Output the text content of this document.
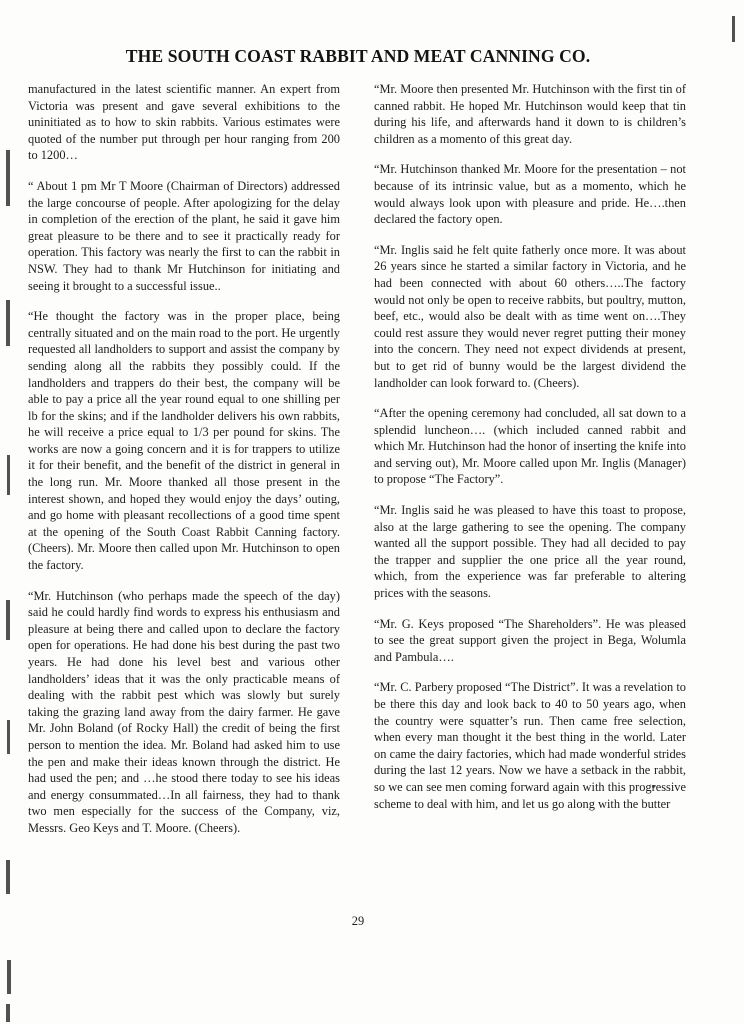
THE SOUTH COAST RABBIT AND MEAT CANNING CO.

manufactured in the latest scientific manner. An expert from Victoria was present and gave several exhibitions to the uninitiated as to how to skin rabbits. Various estimates were quoted of the number put through per hour ranging from 200 to 1200…

“ About 1 pm Mr T Moore (Chairman of Directors) addressed the large concourse of people. After apologizing for the delay in completion of the erection of the plant, he said it gave him great pleasure to be there and to see it practically ready for operation. This factory was nearly the first to can the rabbit in NSW. They had to thank Mr Hutchinson for initiating and seeing it brought to a successful issue..

“He thought the factory was in the proper place, being centrally situated and on the main road to the port. He urgently requested all landholders to support and assist the company by sending along all the rabbits they possibly could. If the landholders and trappers do their best, the company will be able to pay a price all the year round equal to one shilling per lb for the skins; and if the landholder delivers his own rabbits, he will receive a price equal to 1/3 per pound for skins. The works are now a going concern and it is for trappers to utilize it for their benefit, and the benefit of the district in general in the long run. Mr. Moore thanked all those present in the interest shown, and hoped they would enjoy the days’ outing, and go home with pleasant recollections of a good time spent at the opening of the South Coast Rabbit Canning factory. (Cheers). Mr. Moore then called upon Mr. Hutchinson to open the factory.

“Mr. Hutchinson (who perhaps made the speech of the day) said he could hardly find words to express his enthusiasm and pleasure at being there and called upon to declare the factory open for operations. He had done his best during the past two years. He had done his level best and various other landholders’ ideas that it was the only practicable means of dealing with the rabbit pest which was slowly but surely taking the grazing land away from the dairy farmer. He gave Mr. John Boland (of Rocky Hall) the credit of being the first person to mention the idea. Mr. Boland had asked him to use the pen and make their ideas known through the district. He had used the pen; and …he stood there today to see his ideas and energy consummated…In all fairness, they had to thank two men especially for the success of the Company, viz, Messrs. Geo Keys and T. Moore. (Cheers).

“Mr. Moore then presented Mr. Hutchinson with the first tin of canned rabbit. He hoped Mr. Hutchinson would keep that tin during his life, and afterwards hand it down to is children’s children as a momento of this great day.

“Mr. Hutchinson thanked Mr. Moore for the presentation – not because of its intrinsic value, but as a momento, which he would always look upon with pleasure and pride. He….then declared the factory open.

“Mr. Inglis said he felt quite fatherly once more. It was about 26 years since he started a similar factory in Victoria, and he had been connected with about 60 others…..The factory would not only be open to receive rabbits, but poultry, mutton, beef, etc., would also be dealt with as time went on….They could rest assure they would never regret putting their money into the concern. They need not expect dividends at present, but to get rid of bunny would be the largest dividend the landholder can look forward to. (Cheers).

“After the opening ceremony had concluded, all sat down to a splendid luncheon…. (which included canned rabbit and which Mr. Hutchinson had the honor of inserting the knife into and serving out), Mr. Moore called upon Mr. Inglis (Manager) to propose “The Factory”.

“Mr. Inglis said he was pleased to have this toast to propose, also at the large gathering to see the opening. The company wanted all the support possible. They had all decided to pay the trapper and supplier the one price all the year round, which, from the experience was far preferable to altering prices with the seasons.

“Mr. G. Keys proposed “The Shareholders”. He was pleased to see the great support given the project in Bega, Wolumla and Pambula….

“Mr. C. Parbery proposed “The District”. It was a revelation to be there this day and look back to 40 to 50 years ago, when the country were squatter’s run. Then came free selection, when every man thought it the best thing in the world. Later on came the dairy factories, which had made wonderful strides during the last 12 years. Now we have a setback in the rabbit, so we can see men coming forward again with this progressive scheme to deal with him, and let us go along with the butter

29
